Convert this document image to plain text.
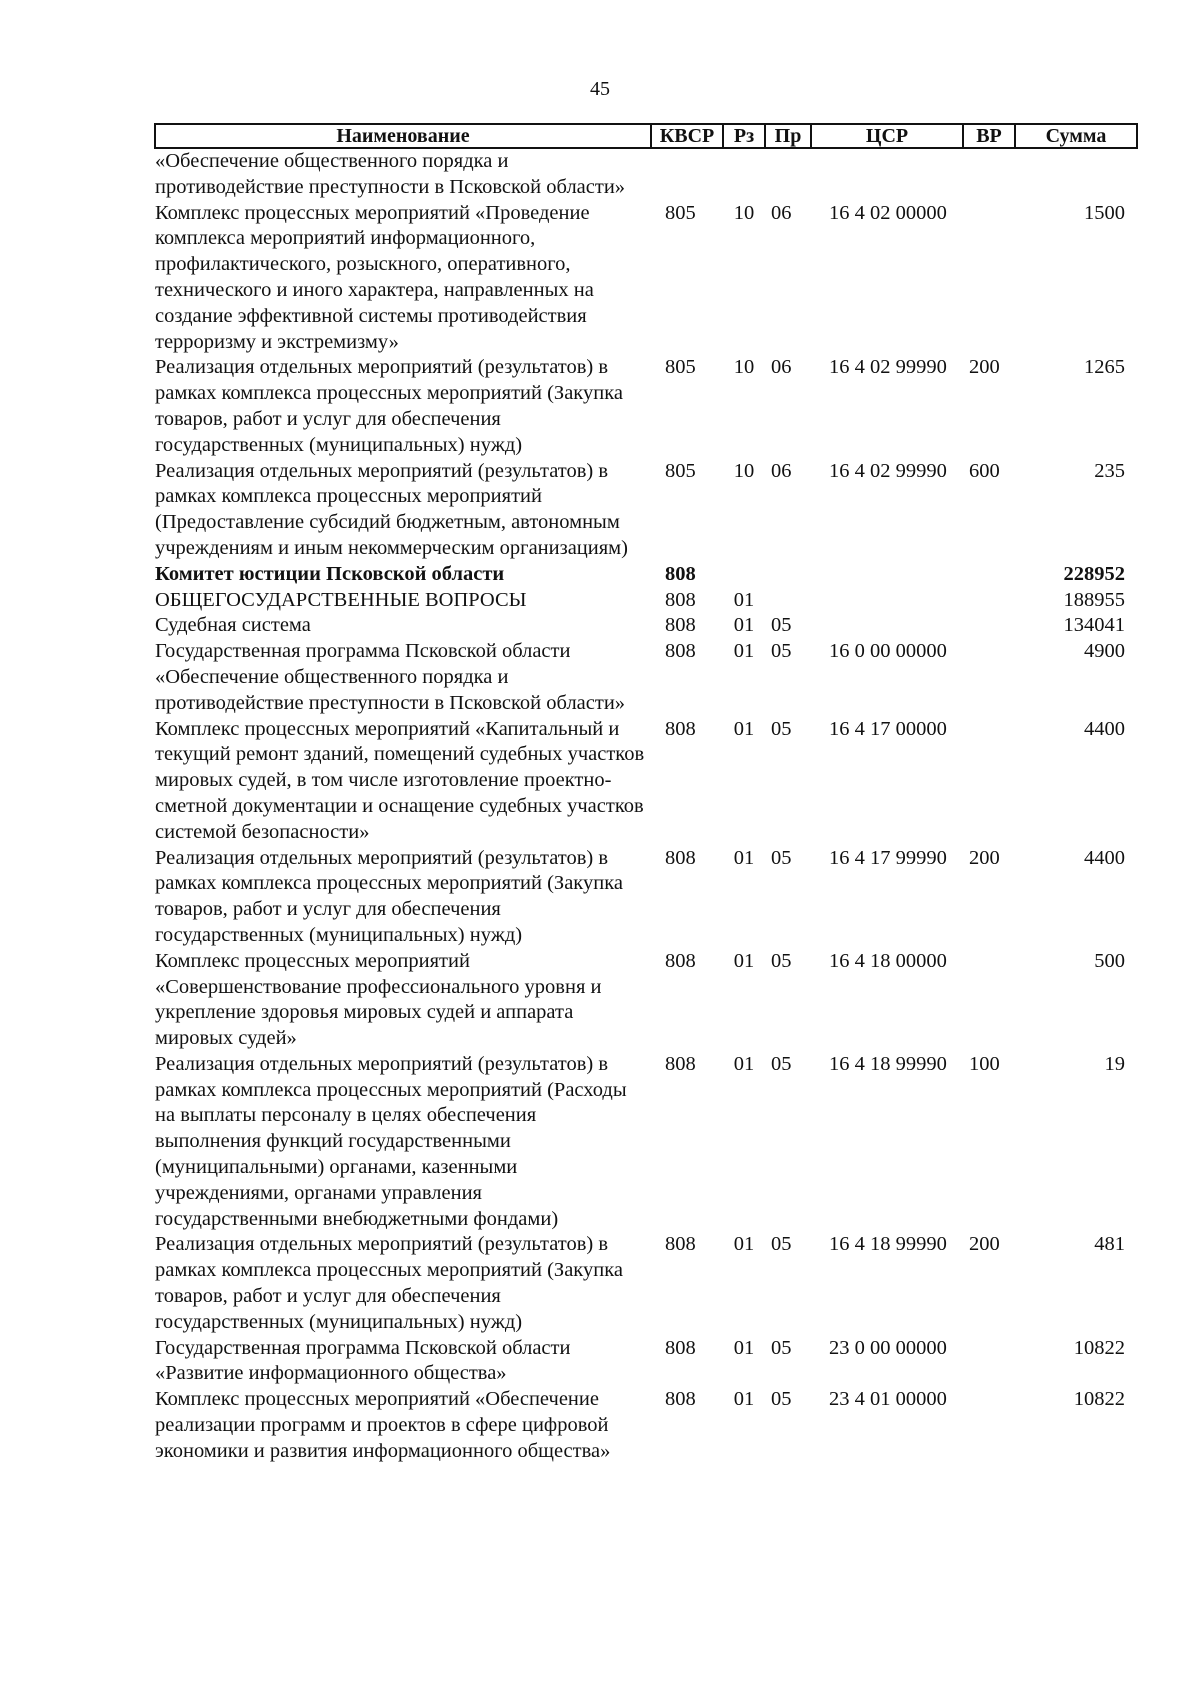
45
Наименование	КВСР	Рз	Пр	ЦСР	ВР	Сумма
«Обеспечение общественного порядка и противодействие преступности в Псковской области»						
Комплекс процессных мероприятий «Проведение комплекса мероприятий информационного, профилактического, розыскного, оперативного, технического и иного характера, направленных на создание эффективной системы противодействия терроризму и экстремизму»	805	10	06	16 4 02 00000		1500
Реализация отдельных мероприятий (результатов) в рамках комплекса процессных мероприятий (Закупка товаров, работ и услуг для обеспечения государственных (муниципальных) нужд)	805	10	06	16 4 02 99990	200	1265
Реализация отдельных мероприятий (результатов) в рамках комплекса процессных мероприятий (Предоставление субсидий бюджетным, автономным учреждениям и иным некоммерческим организациям)	805	10	06	16 4 02 99990	600	235
Комитет юстиции Псковской области	808					228952
ОБЩЕГОСУДАРСТВЕННЫЕ ВОПРОСЫ	808	01				188955
Судебная система	808	01	05			134041
Государственная программа Псковской области «Обеспечение общественного порядка и противодействие преступности в Псковской области»	808	01	05	16 0 00 00000		4900
Комплекс процессных мероприятий «Капитальный и текущий ремонт зданий, помещений судебных участков мировых судей, в том числе изготовление проектно-сметной документации и оснащение судебных участков системой безопасности»	808	01	05	16 4 17 00000		4400
Реализация отдельных мероприятий (результатов) в рамках комплекса процессных мероприятий (Закупка товаров, работ и услуг для обеспечения государственных (муниципальных) нужд)	808	01	05	16 4 17 99990	200	4400
Комплекс процессных мероприятий «Совершенствование профессионального уровня и укрепление здоровья мировых судей и аппарата мировых судей»	808	01	05	16 4 18 00000		500
Реализация отдельных мероприятий (результатов) в рамках комплекса процессных мероприятий (Расходы на выплаты персоналу в целях обеспечения выполнения функций государственными (муниципальными) органами, казенными учреждениями, органами управления государственными внебюджетными фондами)	808	01	05	16 4 18 99990	100	19
Реализация отдельных мероприятий (результатов) в рамках комплекса процессных мероприятий (Закупка товаров, работ и услуг для обеспечения государственных (муниципальных) нужд)	808	01	05	16 4 18 99990	200	481
Государственная программа Псковской области «Развитие информационного общества»	808	01	05	23 0 00 00000		10822
Комплекс процессных мероприятий «Обеспечение реализации программ и проектов в сфере цифровой экономики и развития информационного общества»	808	01	05	23 4 01 00000		10822
